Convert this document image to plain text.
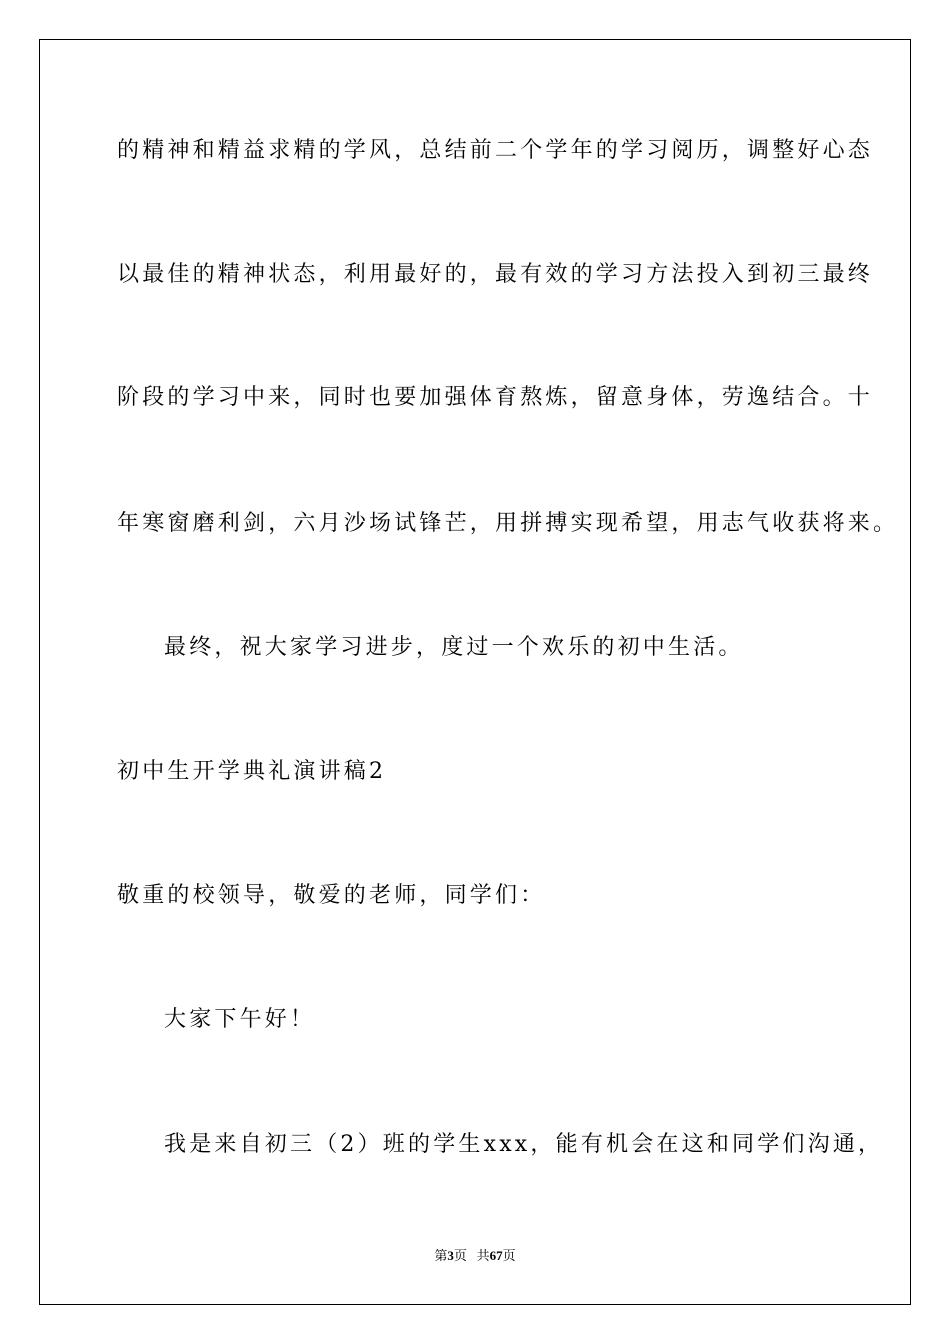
的精神和精益求精的学风，总结前二个学年的学习阅历，调整好心态
以最佳的精神状态，利用最好的，最有效的学习方法投入到初三最终
阶段的学习中来，同时也要加强体育熬炼，留意身体，劳逸结合。十
年寒窗磨利剑，六月沙场试锋芒，用拼搏实现希望，用志气收获将来。
最终，祝大家学习进步，度过一个欢乐的初中生活。
初中生开学典礼演讲稿2
敬重的校领导，敬爱的老师，同学们：
大家下午好！
我是来自初三（2）班的学生xxx，能有机会在这和同学们沟通，
第3页 共67页
